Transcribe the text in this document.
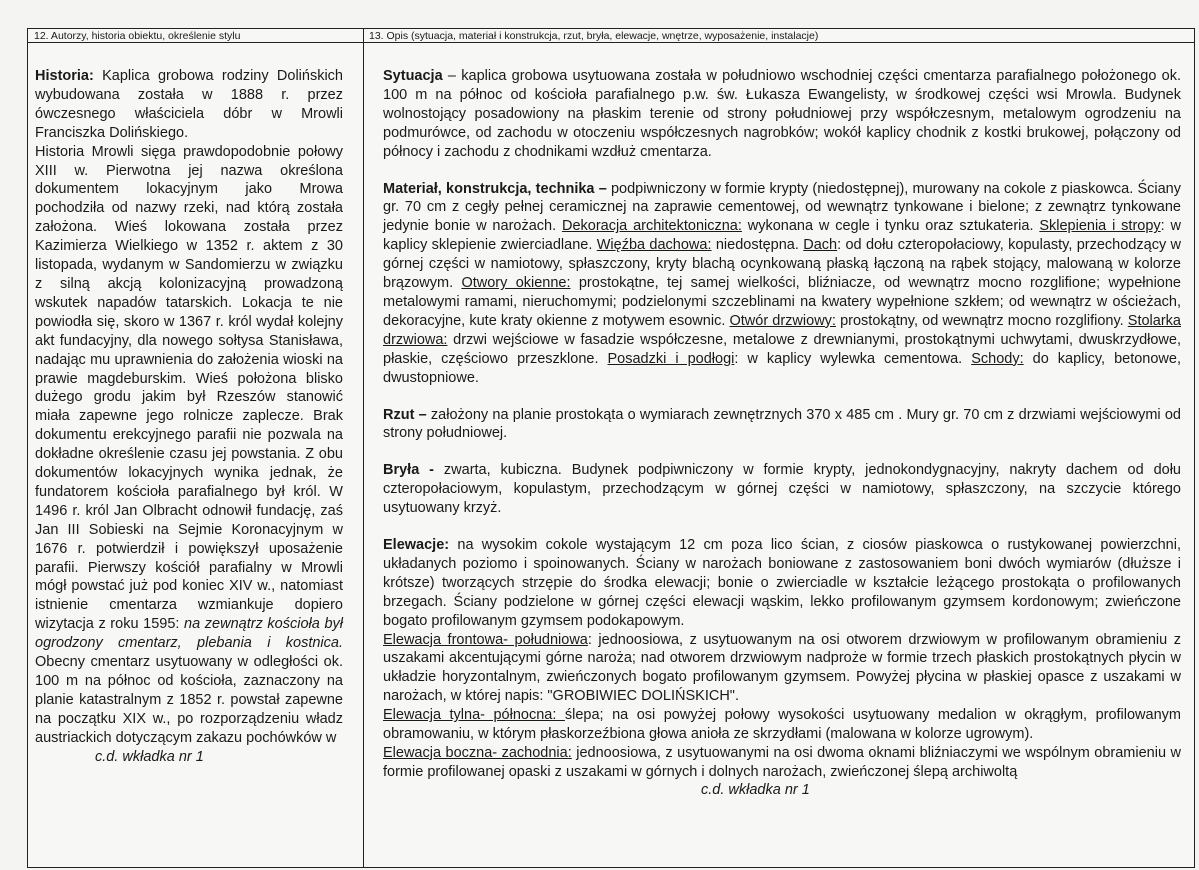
12. Autorzy, historia obiektu, określenie stylu	13. Opis (sytuacja, materiał i konstrukcja, rzut, bryła, elewacje, wnętrze, wyposażenie, instalacje)

Historia: Kaplica grobowa rodziny Dolińskich wybudowana została w 1888 r. przez ówczesnego właściciela dóbr w Mrowli Franciszka Dolińskiego.

Historia Mrowli sięga prawdopodobnie połowy XIII w. Pierwotna jej nazwa określona dokumentem lokacyjnym jako Mrowa pochodziła od nazwy rzeki, nad którą została założona. Wieś lokowana została przez Kazimierza Wielkiego w 1352 r. aktem z 30 listopada, wydanym w Sandomierzu w związku z silną akcją kolonizacyjną prowadzoną wskutek napadów tatarskich. Lokacja te nie powiodła się, skoro w 1367 r. król wydał kolejny akt fundacyjny, dla nowego sołtysa Stanisława, nadając mu uprawnienia do założenia wioski na prawie magdeburskim. Wieś położona blisko dużego grodu jakim był Rzeszów stanowić miała zapewne jego rolnicze zaplecze. Brak dokumentu erekcyjnego parafii nie pozwala na dokładne określenie czasu jej powstania. Z obu dokumentów lokacyjnych wynika jednak, że fundatorem kościoła parafialnego był król. W 1496 r. król Jan Olbracht odnowił fundację, zaś Jan III Sobieski na Sejmie Koronacyjnym w 1676 r. potwierdził i powiększył uposażenie parafii. Pierwszy kościół parafialny w Mrowli mógł powstać już pod koniec XIV w., natomiast istnienie cmentarza wzmiankuje dopiero wizytacja z roku 1595: na zewnątrz kościoła był ogrodzony cmentarz, plebania i kostnica. Obecny cmentarz usytuowany w odległości ok. 100 m na północ od kościoła, zaznaczony na planie katastralnym z 1852 r. powstał zapewne na początku XIX w., po rozporządzeniu władz austriackich dotyczącym zakazu pochówków w

c.d. wkładka nr 1

Sytuacja – kaplica grobowa usytuowana została w południowo wschodniej części cmentarza parafialnego położonego ok. 100 m na północ od kościoła parafialnego p.w. św. Łukasza Ewangelisty, w środkowej części wsi Mrowla. Budynek wolnostojący posadowiony na płaskim terenie od strony południowej przy współczesnym, metalowym ogrodzeniu na podmurówce, od zachodu w otoczeniu współczesnych nagrobków; wokół kaplicy chodnik z kostki brukowej, połączony od północy i zachodu z chodnikami wzdłuż cmentarza.

Materiał, konstrukcja, technika – podpiwniczony w formie krypty (niedostępnej), murowany na cokole z piaskowca. Ściany gr. 70 cm z cegły pełnej ceramicznej na zaprawie cementowej, od wewnątrz tynkowane i bielone; z zewnątrz tynkowane jedynie bonie w narożach. Dekoracja architektoniczna: wykonana w cegle i tynku oraz sztukateria. Sklepienia i stropy: w kaplicy sklepienie zwierciadlane. Więźba dachowa: niedostępna. Dach: od dołu czteropołaciowy, kopulasty, przechodzący w górnej części w namiotowy, spłaszczony, kryty blachą ocynkowaną płaską łączoną na rąbek stojący, malowaną w kolorze brązowym. Otwory okienne: prostokątne, tej samej wielkości, bliźniacze, od wewnątrz mocno rozglifione; wypełnione metalowymi ramami, nieruchomymi; podzielonymi szczeblinami na kwatery wypełnione szkłem; od wewnątrz w ościeżach, dekoracyjne, kute kraty okienne z motywem esownic. Otwór drzwiowy: prostokątny, od wewnątrz mocno rozglifiony. Stolarka drzwiowa: drzwi wejściowe w fasadzie współczesne, metalowe z drewnianymi, prostokątnymi uchwytami, dwuskrzydłowe, płaskie, częściowo przeszklone. Posadzki i podłogi: w kaplicy wylewka cementowa. Schody: do kaplicy, betonowe, dwustopniowe.

Rzut – założony na planie prostokąta o wymiarach zewnętrznych 370 x 485 cm . Mury gr. 70 cm z drzwiami wejściowymi od strony południowej.

Bryła - zwarta, kubiczna. Budynek podpiwniczony w formie krypty, jednokondygnacyjny, nakryty dachem od dołu czteropołaciowym, kopulastym, przechodzącym w górnej części w namiotowy, spłaszczony, na szczycie którego usytuowany krzyż.

Elewacje: na wysokim cokole wystającym 12 cm poza lico ścian, z ciosów piaskowca o rustykowanej powierzchni, układanych poziomo i spoinowanych. Ściany w narożach boniowane z zastosowaniem boni dwóch wymiarów (dłuższe i krótsze) tworzących strzępie do środka elewacji; bonie o zwierciadle w kształcie leżącego prostokąta o profilowanych brzegach. Ściany podzielone w górnej części elewacji wąskim, lekko profilowanym gzymsem kordonowym; zwieńczone bogato profilowanym gzymsem podokapowym.

Elewacja frontowa- południowa: jednoosiowa, z usytuowanym na osi otworem drzwiowym w profilowanym obramieniu z uszakami akcentującymi górne naroża; nad otworem drzwiowym nadproże w formie trzech płaskich prostokątnych płycin w układzie horyzontalnym, zwieńczonych bogato profilowanym gzymsem. Powyżej płycina w płaskiej opasce z uszakami w narożach, w której napis: "GROBIWIEC DOLIŃSKICH".

Elewacja tylna- północna: ślepa; na osi powyżej połowy wysokości usytuowany medalion w okrągłym, profilowanym obramowaniu, w którym płaskorzeźbiona głowa anioła ze skrzydłami (malowana w kolorze ugrowym).

Elewacja boczna- zachodnia: jednoosiowa, z usytuowanymi na osi dwoma oknami bliźniaczymi we wspólnym obramieniu w formie profilowanej opaski z uszakami w górnych i dolnych narożach, zwieńczonej ślepą archiwoltą

c.d. wkładka nr 1
